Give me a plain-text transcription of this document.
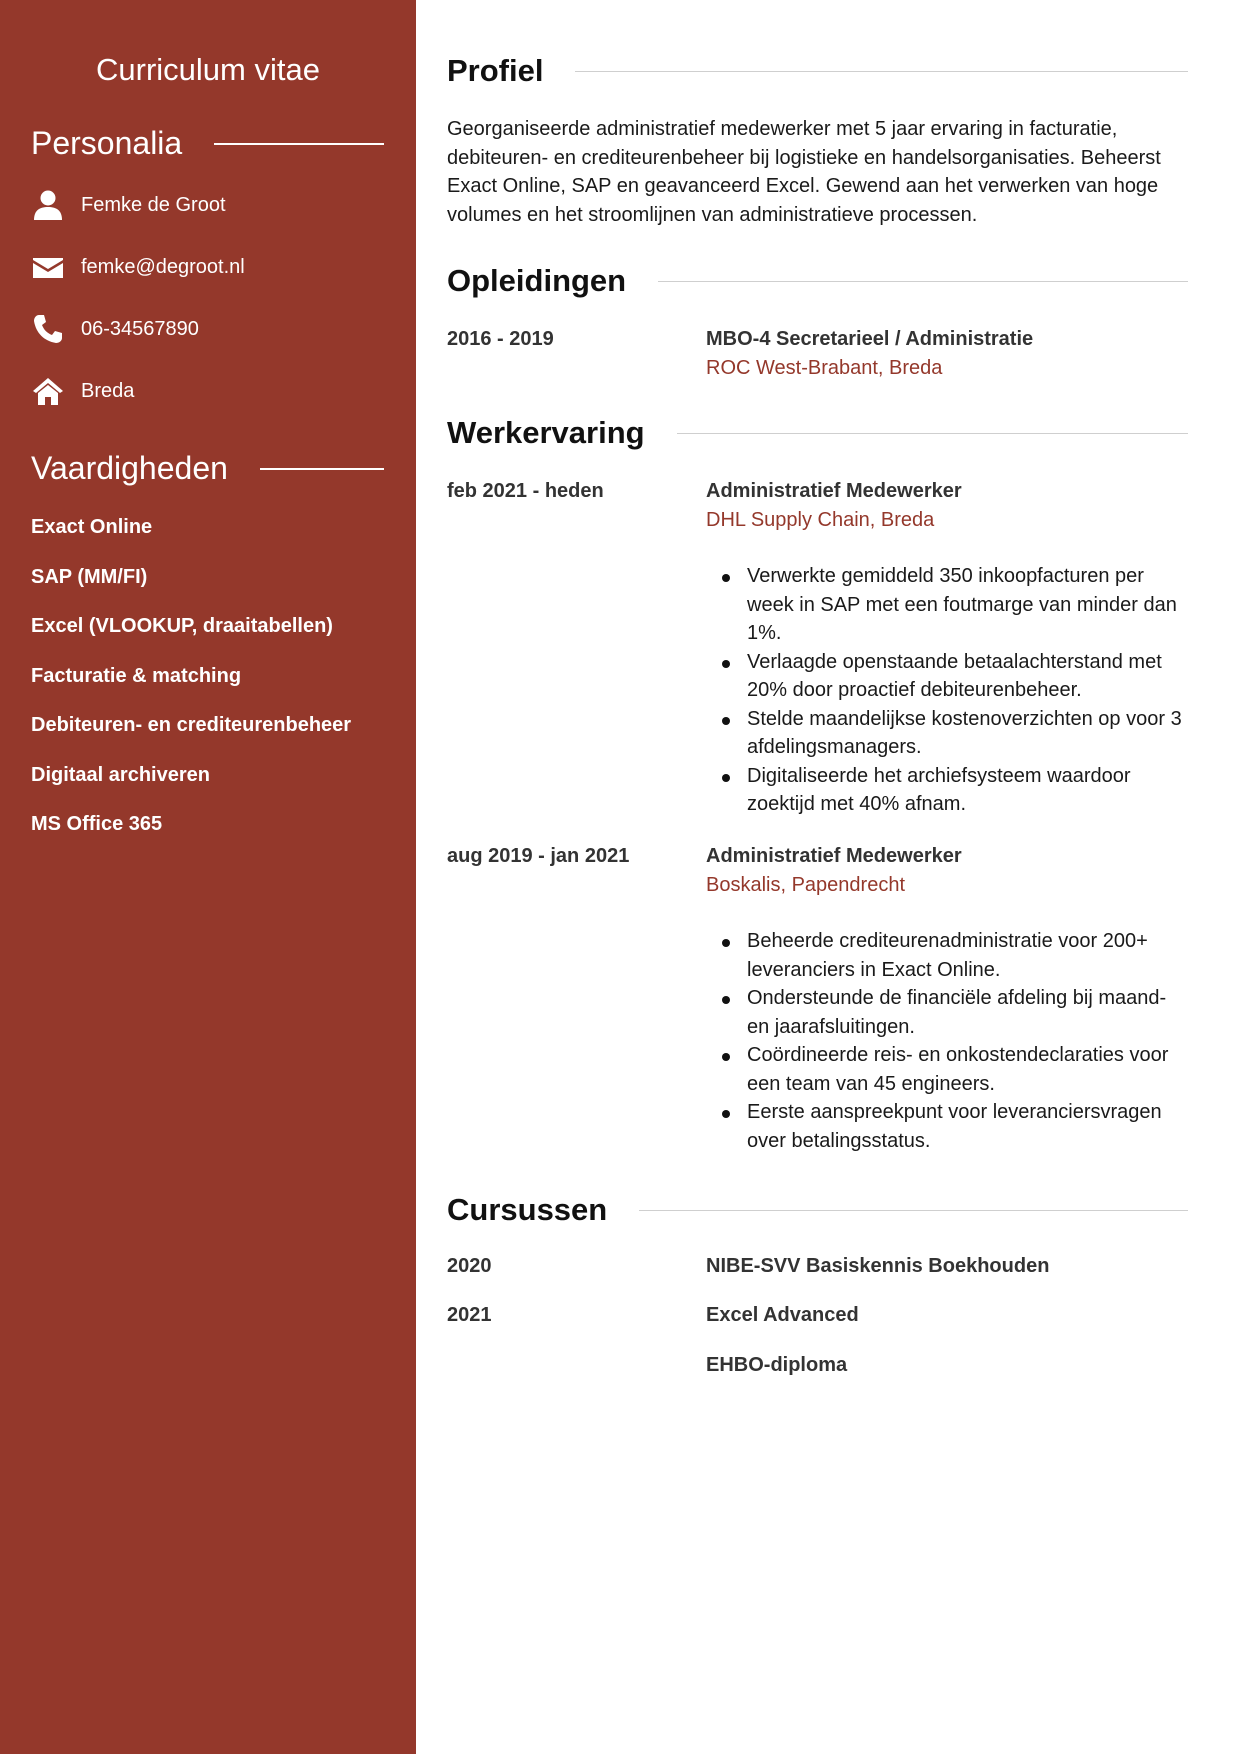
Curriculum vitae
Personalia
Femke de Groot
femke@degroot.nl
06-34567890
Breda
Vaardigheden
Exact Online
SAP (MM/FI)
Excel (VLOOKUP, draaitabellen)
Facturatie & matching
Debiteuren- en crediteurenbeheer
Digitaal archiveren
MS Office 365
Profiel
Georganiseerde administratief medewerker met 5 jaar ervaring in facturatie, debiteuren- en crediteurenbeheer bij logistieke en handelsorganisaties. Beheerst Exact Online, SAP en geavanceerd Excel. Gewend aan het verwerken van hoge volumes en het stroomlijnen van administratieve processen.
Opleidingen
2016 - 2019	MBO-4 Secretarieel / Administratie
ROC West-Brabant, Breda
Werkervaring
feb 2021 - heden	Administratief Medewerker
DHL Supply Chain, Breda
Verwerkte gemiddeld 350 inkoopfacturen per week in SAP met een foutmarge van minder dan 1%.
Verlaagde openstaande betaalachterstand met 20% door proactief debiteurenbeheer.
Stelde maandelijkse kostenoverzichten op voor 3 afdelingsmanagers.
Digitaliseerde het archiefsysteem waardoor zoektijd met 40% afnam.
aug 2019 - jan 2021	Administratief Medewerker
Boskalis, Papendrecht
Beheerde crediteurenadministratie voor 200+ leveranciers in Exact Online.
Ondersteunde de financiële afdeling bij maand- en jaarafsluitingen.
Coördineerde reis- en onkostendeclaraties voor een team van 45 engineers.
Eerste aanspreekpunt voor leveranciersvragen over betalingsstatus.
Cursussen
2020	NIBE-SVV Basiskennis Boekhouden
2021	Excel Advanced
EHBO-diploma
